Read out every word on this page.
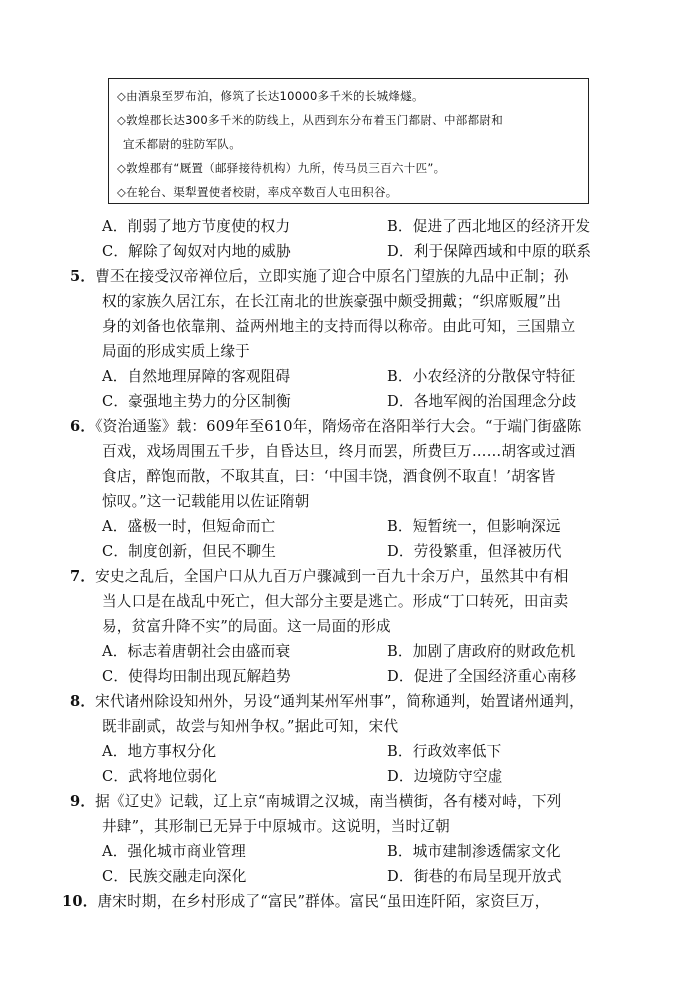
◇由酒泉至罗布泊，修筑了长达10000多千米的长城烽燧。
◇敦煌郡长达300多千米的防线上，从西到东分布着玉门都尉、中部都尉和
宜禾都尉的驻防军队。
◇敦煌郡有“厩置（邮驿接待机构）九所，传马员三百六十匹”。
◇在轮台、渠犁置使者校尉，率戍卒数百人屯田积谷。
A．削弱了地方节度使的权力	B．促进了西北地区的经济开发
C．解除了匈奴对内地的威胁	D．利于保障西域和中原的联系
5．曹丕在接受汉帝禅位后，立即实施了迎合中原名门望族的九品中正制；孙
权的家族久居江东，在长江南北的世族豪强中颇受拥戴；“织席贩履”出
身的刘备也依靠荆、益两州地主的支持而得以称帝。由此可知，三国鼎立
局面的形成实质上缘于
A．自然地理屏障的客观阻碍	B．小农经济的分散保守特征
C．豪强地主势力的分区制衡	D．各地军阀的治国理念分歧
6．《资治通鉴》载：609年至610年，隋炀帝在洛阳举行大会。“于端门街盛陈
百戏，戏场周围五千步，自昏达旦，终月而罢，所费巨万……胡客或过酒
食店，醉饱而散，不取其直，曰：‘中国丰饶，酒食例不取直！’胡客皆
惊叹。”这一记载能用以佐证隋朝
A．盛极一时，但短命而亡	B．短暂统一，但影响深远
C．制度创新，但民不聊生	D．劳役繁重，但泽被历代
7．安史之乱后，全国户口从九百万户骤减到一百九十余万户，虽然其中有相
当人口是在战乱中死亡，但大部分主要是逃亡。形成“丁口转死，田亩卖
易，贫富升降不实”的局面。这一局面的形成
A．标志着唐朝社会由盛而衰	B．加剧了唐政府的财政危机
C．使得均田制出现瓦解趋势	D．促进了全国经济重心南移
8．宋代诸州除设知州外，另设“通判某州军州事”，简称通判，始置诸州通判，
既非副贰，故尝与知州争权。”据此可知，宋代
A．地方事权分化	B．行政效率低下
C．武将地位弱化	D．边境防守空虚
9．据《辽史》记载，辽上京“南城谓之汉城，南当横街，各有楼对峙，下列
井肆”，其形制已无异于中原城市。这说明，当时辽朝
A．强化城市商业管理	B．城市建制渗透儒家文化
C．民族交融走向深化	D．街巷的布局呈现开放式
10．唐宋时期，在乡村形成了“富民”群体。富民“虽田连阡陌，家资巨万，
